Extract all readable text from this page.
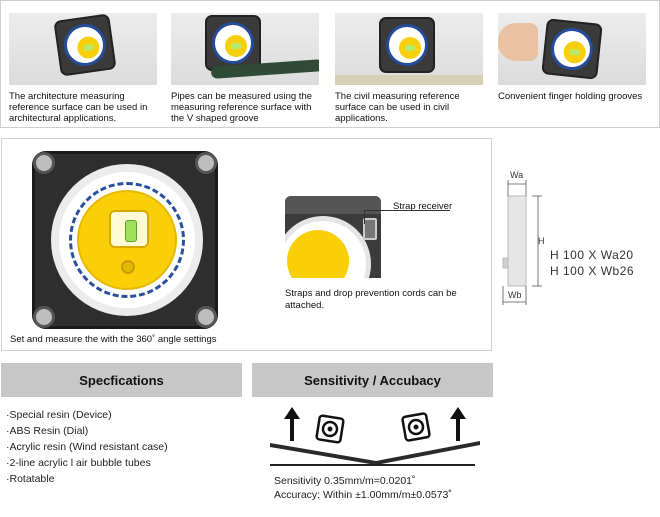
The architecture measuring reference surface can be used in architectural applications.

Pipes can be measured using the measuring reference surface with the V shaped groove

The civil measuring reference surface can be used in civil applications.

Convenient finger holding grooves

Set and measure the with the 360˚ angle settings
Strap receiver
Straps and drop prevention cords can be attached.
Wa
H
Wb
H 100 X Wa20
H 100 X Wb26
Specfications
·Special resin (Device)
·ABS Resin (Dial)
·Acrylic resin (Wind resistant case)
·2-line acrylic l air bubble tubes
·Rotatable
Sensitivity / Accubacy
Sensitivity 0.35mm/m=0.0201˚
Accuracy: Within ±1.00mm/m±0.0573˚
